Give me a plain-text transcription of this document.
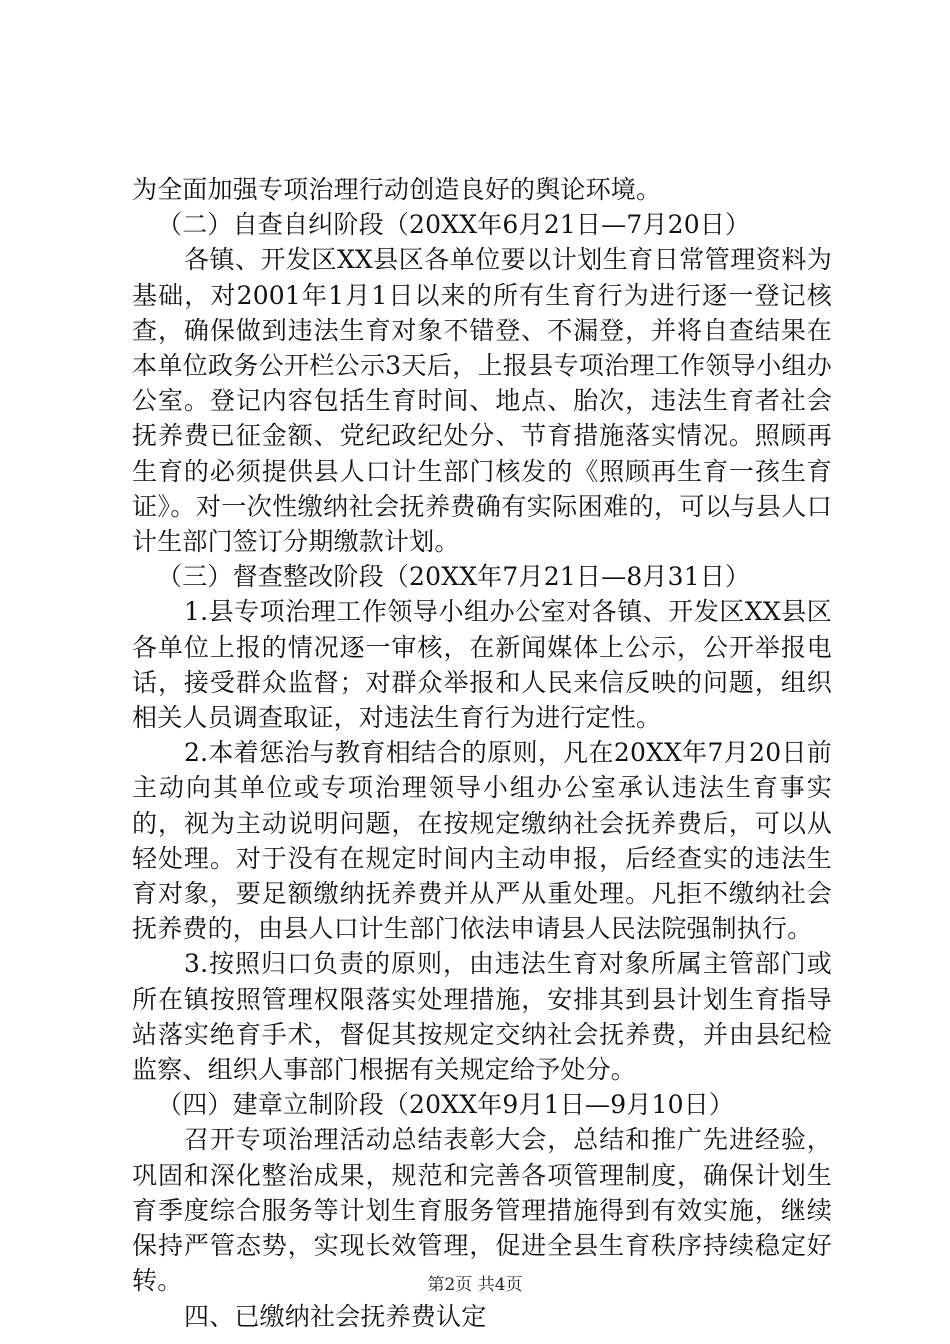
为全面加强专项治理行动创造良好的舆论环境。

（二）自查自纠阶段（20XX年6月21日—7月20日）

各镇、开发区XX县区各单位要以计划生育日常管理资料为基础，对2001年1月1日以来的所有生育行为进行逐一登记核查，确保做到违法生育对象不错登、不漏登，并将自查结果在本单位政务公开栏公示3天后，上报县专项治理工作领导小组办公室。登记内容包括生育时间、地点、胎次，违法生育者社会抚养费已征金额、党纪政纪处分、节育措施落实情况。照顾再生育的必须提供县人口计生部门核发的《照顾再生育一孩生育证》。对一次性缴纳社会抚养费确有实际困难的，可以与县人口计生部门签订分期缴款计划。

（三）督查整改阶段（20XX年7月21日—8月31日）

1.县专项治理工作领导小组办公室对各镇、开发区XX县区各单位上报的情况逐一审核，在新闻媒体上公示，公开举报电话，接受群众监督；对群众举报和人民来信反映的问题，组织相关人员调查取证，对违法生育行为进行定性。

2.本着惩治与教育相结合的原则，凡在20XX年7月20日前主动向其单位或专项治理领导小组办公室承认违法生育事实的，视为主动说明问题，在按规定缴纳社会抚养费后，可以从轻处理。对于没有在规定时间内主动申报，后经查实的违法生育对象，要足额缴纳抚养费并从严从重处理。凡拒不缴纳社会抚养费的，由县人口计生部门依法申请县人民法院强制执行。

3.按照归口负责的原则，由违法生育对象所属主管部门或所在镇按照管理权限落实处理措施，安排其到县计划生育指导站落实绝育手术，督促其按规定交纳社会抚养费，并由县纪检监察、组织人事部门根据有关规定给予处分。

（四）建章立制阶段（20XX年9月1日—9月10日）

召开专项治理活动总结表彰大会，总结和推广先进经验，巩固和深化整治成果，规范和完善各项管理制度，确保计划生育季度综合服务等计划生育服务管理措施得到有效实施，继续保持严管态势，实现长效管理，促进全县生育秩序持续稳定好转。

四、已缴纳社会抚养费认定

第2页 共4页
